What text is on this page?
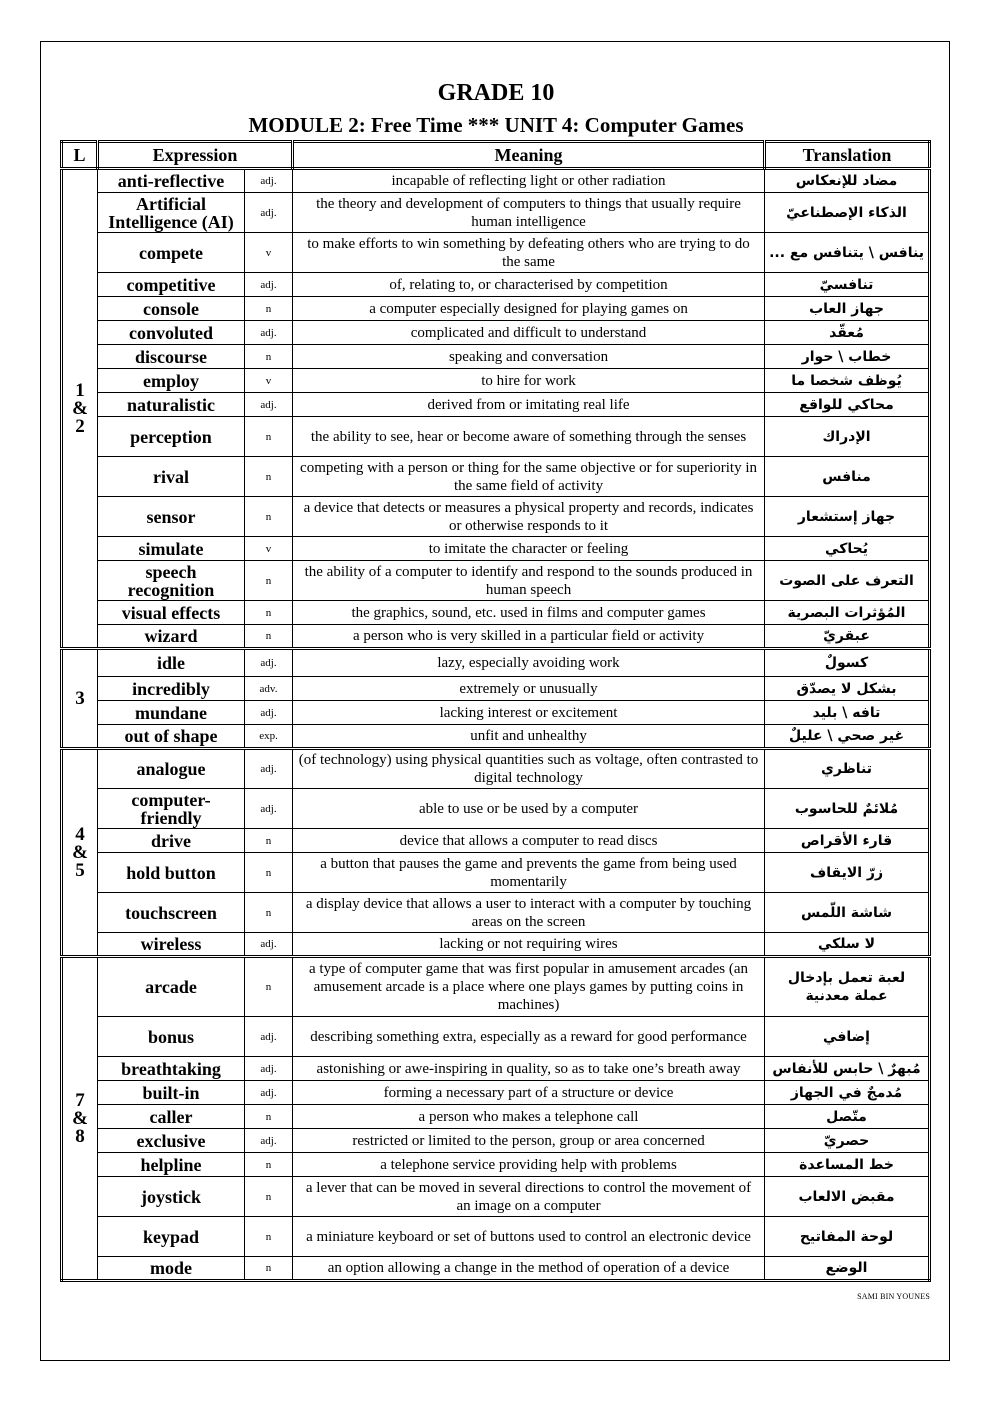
GRADE 10
MODULE 2: Free Time *** UNIT 4: Computer Games
L	Expression		Meaning	Translation
1
&
2	anti-reflective	adj.	incapable of reflecting light or other radiation	مضاد للإنعكاس
	Artificial Intelligence (AI)	adj.	the theory and development of computers to things that usually require human intelligence	الذكاء الإصطناعيّ
	compete	v	to make efforts to win something by defeating others who are trying to do the same	ينافس \ يتنافس مع ...
	competitive	adj.	of, relating to, or characterised by competition	تنافسيّ
	console	n	a computer especially designed for playing games on	جهاز العاب
	convoluted	adj.	complicated and difficult to understand	مُعقّد
	discourse	n	speaking and conversation	خطاب \ حوار
	employ	v	to hire for work	يُوظف شخصا ما
	naturalistic	adj.	derived from or imitating real life	محاكي للواقع
	perception	n	the ability to see, hear or become aware of something through the senses	الإدراك
	rival	n	competing with a person or thing for the same objective or for superiority in the same field of activity	منافس
	sensor	n	a device that detects or measures a physical property and records, indicates or otherwise responds to it	جهاز إستشعار
	simulate	v	to imitate the character or feeling	يُحاكي
	speech recognition	n	the ability of a computer to identify and respond to the sounds produced in human speech	التعرف على الصوت
	visual effects	n	the graphics, sound, etc. used in films and computer games	المُؤثرات البصرية
	wizard	n	a person who is very skilled in a particular field or activity	عبقريّ
3	idle	adj.	lazy, especially avoiding work	كسولٌ
	incredibly	adv.	extremely or unusually	بشكل لا يصدّق
	mundane	adj.	lacking interest or excitement	تافه \ بليد
	out of shape	exp.	unfit and unhealthy	غير صحي \ عليلٌ
4
&
5	analogue	adj.	(of technology) using physical quantities such as voltage, often contrasted to digital technology	تناظري
	computer-friendly	adj.	able to use or be used by a computer	مُلائمٌ للحاسوب
	drive	n	device that allows a computer to read discs	قارء الأقراص
	hold button	n	a button that pauses the game and prevents the game from being used momentarily	زرّ الايقاف
	touchscreen	n	a display device that allows a user to interact with a computer by touching areas on the screen	شاشة اللّمس
	wireless	adj.	lacking or not requiring wires	لا سلكي
7
&
8	arcade	n	a type of computer game that was first popular in amusement arcades (an amusement arcade is a place where one plays games by putting coins in machines)	لعبة تعمل بإدخال عملة معدنية
	bonus	adj.	describing something extra, especially as a reward for good performance	إضافي
	breathtaking	adj.	astonishing or awe-inspiring in quality, so as to take one’s breath away	مُبهرٌ \ حابس للأنفاس
	built-in	adj.	forming a necessary part of a structure or device	مُدمجٌ في الجهاز
	caller	n	a person who makes a telephone call	متّصل
	exclusive	adj.	restricted or limited to the person, group or area concerned	حصريّ
	helpline	n	a telephone service providing help with problems	خط المساعدة
	joystick	n	a lever that can be moved in several directions to control the movement of an image on a computer	مقبض الالعاب
	keypad	n	a miniature keyboard or set of buttons used to control an electronic device	لوحة المفاتيح
	mode	n	an option allowing a change in the method of operation of a device	الوضع
SAMI BIN YOUNES
